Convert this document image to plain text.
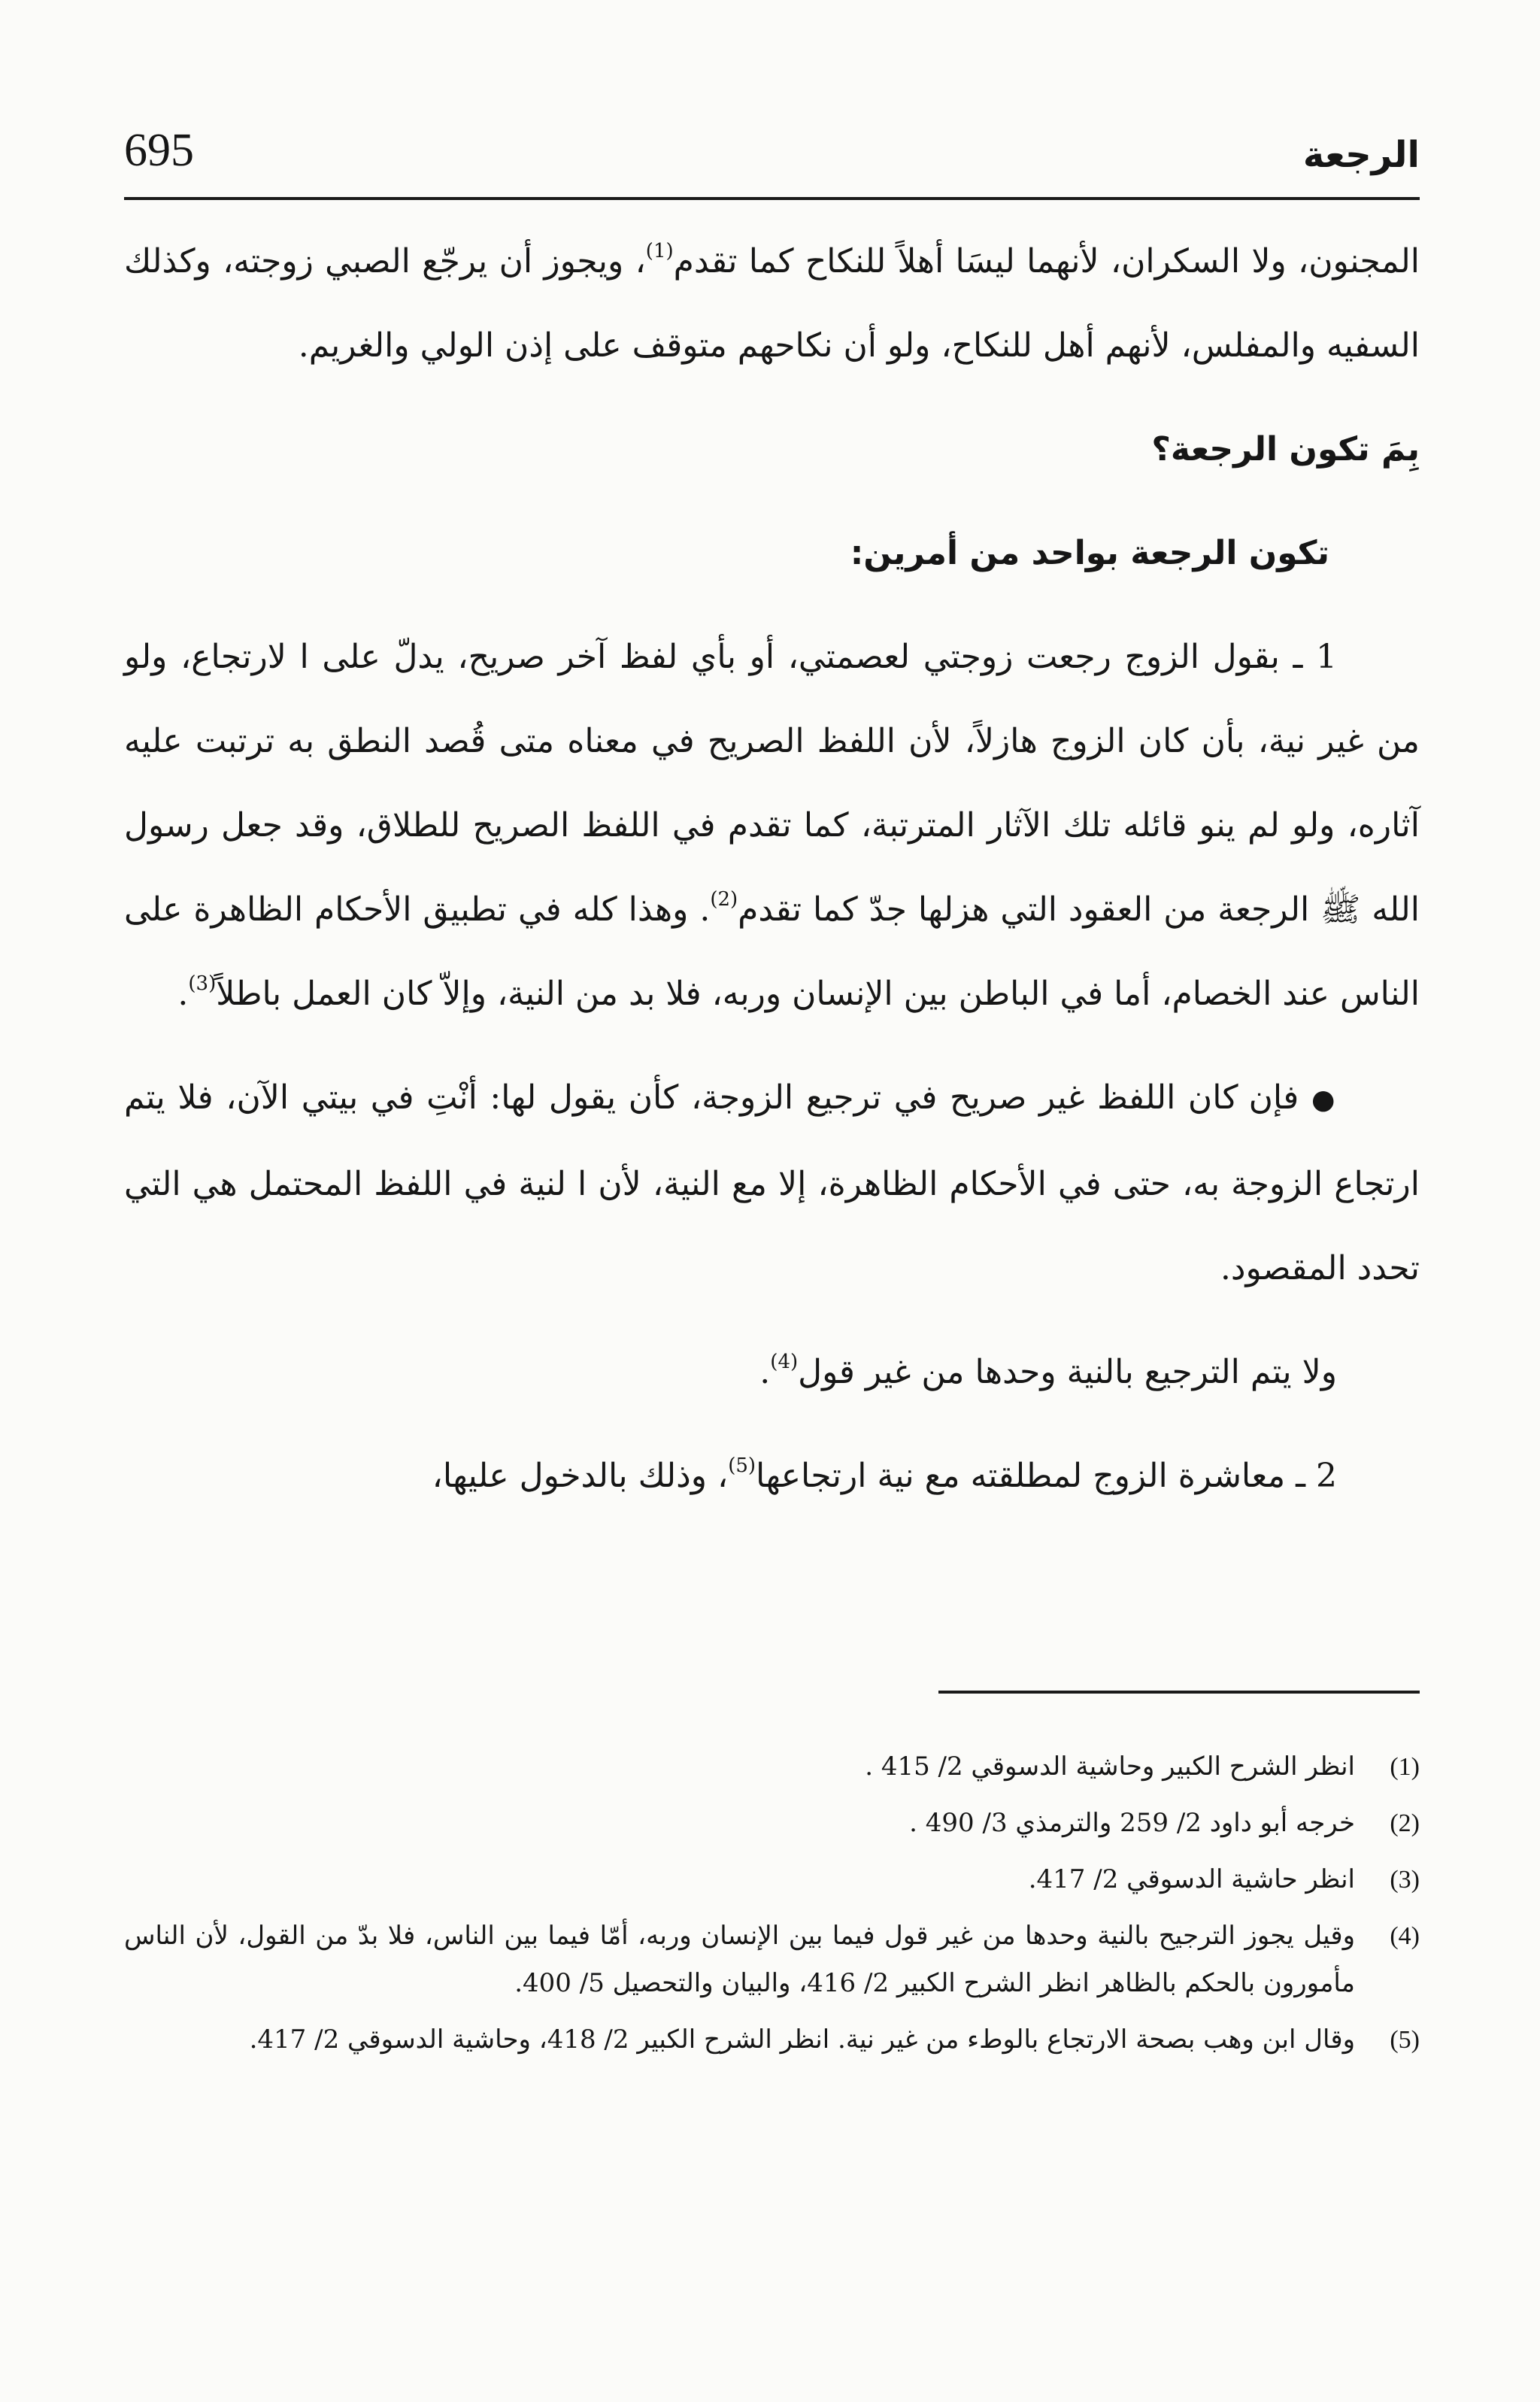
695	الرجعة

المجنون، ولا السكران، لأنهما ليسَا أهلاً للنكاح كما تقدم$^{(1)}$، ويجوز أن يرجّع الصبي زوجته، وكذلك السفيه والمفلس، لأنهم أهل للنكاح، ولو أن نكاحهم متوقف على إذن الولي والغريم.

بِمَ تكون الرجعة؟

تكون الرجعة بواحد من أمرين:

1 ـ بقول الزوج رجعت زوجتي لعصمتي، أو بأي لفظ آخر صريح، يدلّ على ا لارتجاع، ولو من غير نية، بأن كان الزوج هازلاً، لأن اللفظ الصريح في معناه متى قُصد النطق به ترتبت عليه آثاره، ولو لم ينو قائله تلك الآثار المترتبة، كما تقدم في اللفظ الصريح للطلاق، وقد جعل رسول الله ﷺ الرجعة من العقود التي هزلها جدّ كما تقدم$^{(2)}$. وهذا كله في تطبيق الأحكام الظاهرة على الناس عند الخصام، أما في الباطن بين الإنسان وربه، فلا بد من النية، وإلاّ كان العمل باطلاً$^{(3)}$.

● فإن كان اللفظ غير صريح في ترجيع الزوجة، كأن يقول لها: أنْتِ في بيتي الآن، فلا يتم ارتجاع الزوجة به، حتى في الأحكام الظاهرة، إلا مع النية، لأن ا لنية في اللفظ المحتمل هي التي تحدد المقصود.

ولا يتم الترجيع بالنية وحدها من غير قول$^{(4)}$.

2 ـ معاشرة الزوج لمطلقته مع نية ارتجاعها$^{(5)}$، وذلك بالدخول عليها،

(1)
انظر الشرح الكبير وحاشية الدسوقي 2/ 415 .
(2)
خرجه أبو داود 2/ 259 والترمذي 3/ 490 .
(3)
انظر حاشية الدسوقي 2/ 417.
(4)
وقيل يجوز الترجيح بالنية وحدها من غير قول فيما بين الإنسان وربه، أمّا فيما بين الناس، فلا بدّ من القول، لأن الناس مأمورون بالحكم بالظاهر انظر الشرح الكبير 2/ 416، والبيان والتحصيل 5/ 400.
(5)
وقال ابن وهب بصحة الارتجاع بالوطء من غير نية. انظر الشرح الكبير 2/ 418، وحاشية الدسوقي 2/ 417.
